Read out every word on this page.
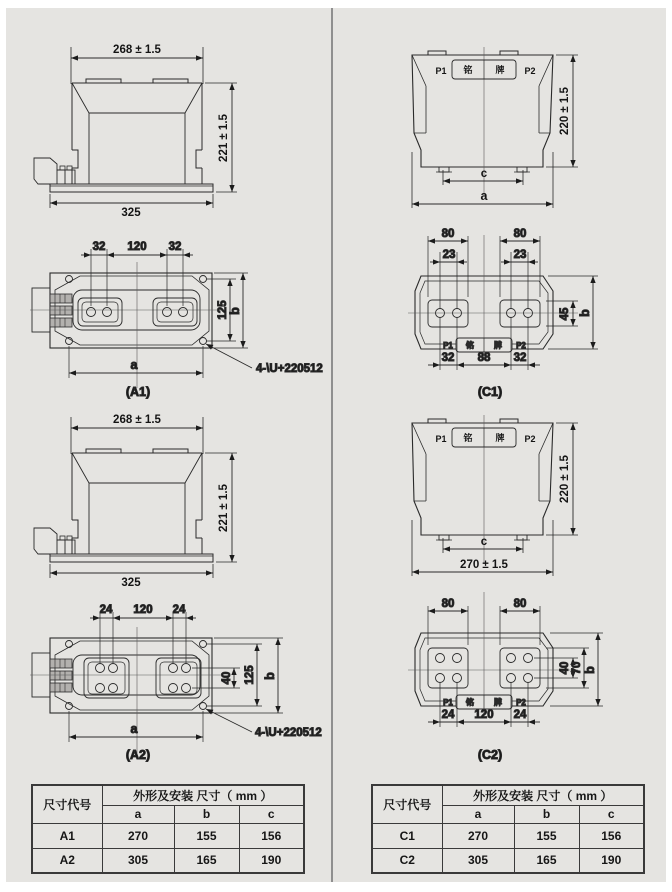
268 ± 1.5
221 ± 1.5
325
32 120 32
125 b
a	4-\U+220512
(A1)
268 ± 1.5
221 ± 1.5
325
24 120 24
40 125 b
a	4-\U+220512
(A2)
P1	P2
铭	牌
220 ± 1.5
c
a
80	80
23	23
45 b
32 88 32
P1	P2
铭	牌
(C1)
P1	P2
铭	牌
220 ± 1.5
c
270 ± 1.5
80	80
40 70 b
24 120 24
P1	P2
铭	牌
(C2)
尺寸代号	外形及安装 尺寸（ mm ）		
	a	b	c
A1	270	155	156
A2	305	165	190
尺寸代号	外形及安装 尺寸（ mm ）		
	a	b	c
C1	270	155	156
C2	305	165	190
